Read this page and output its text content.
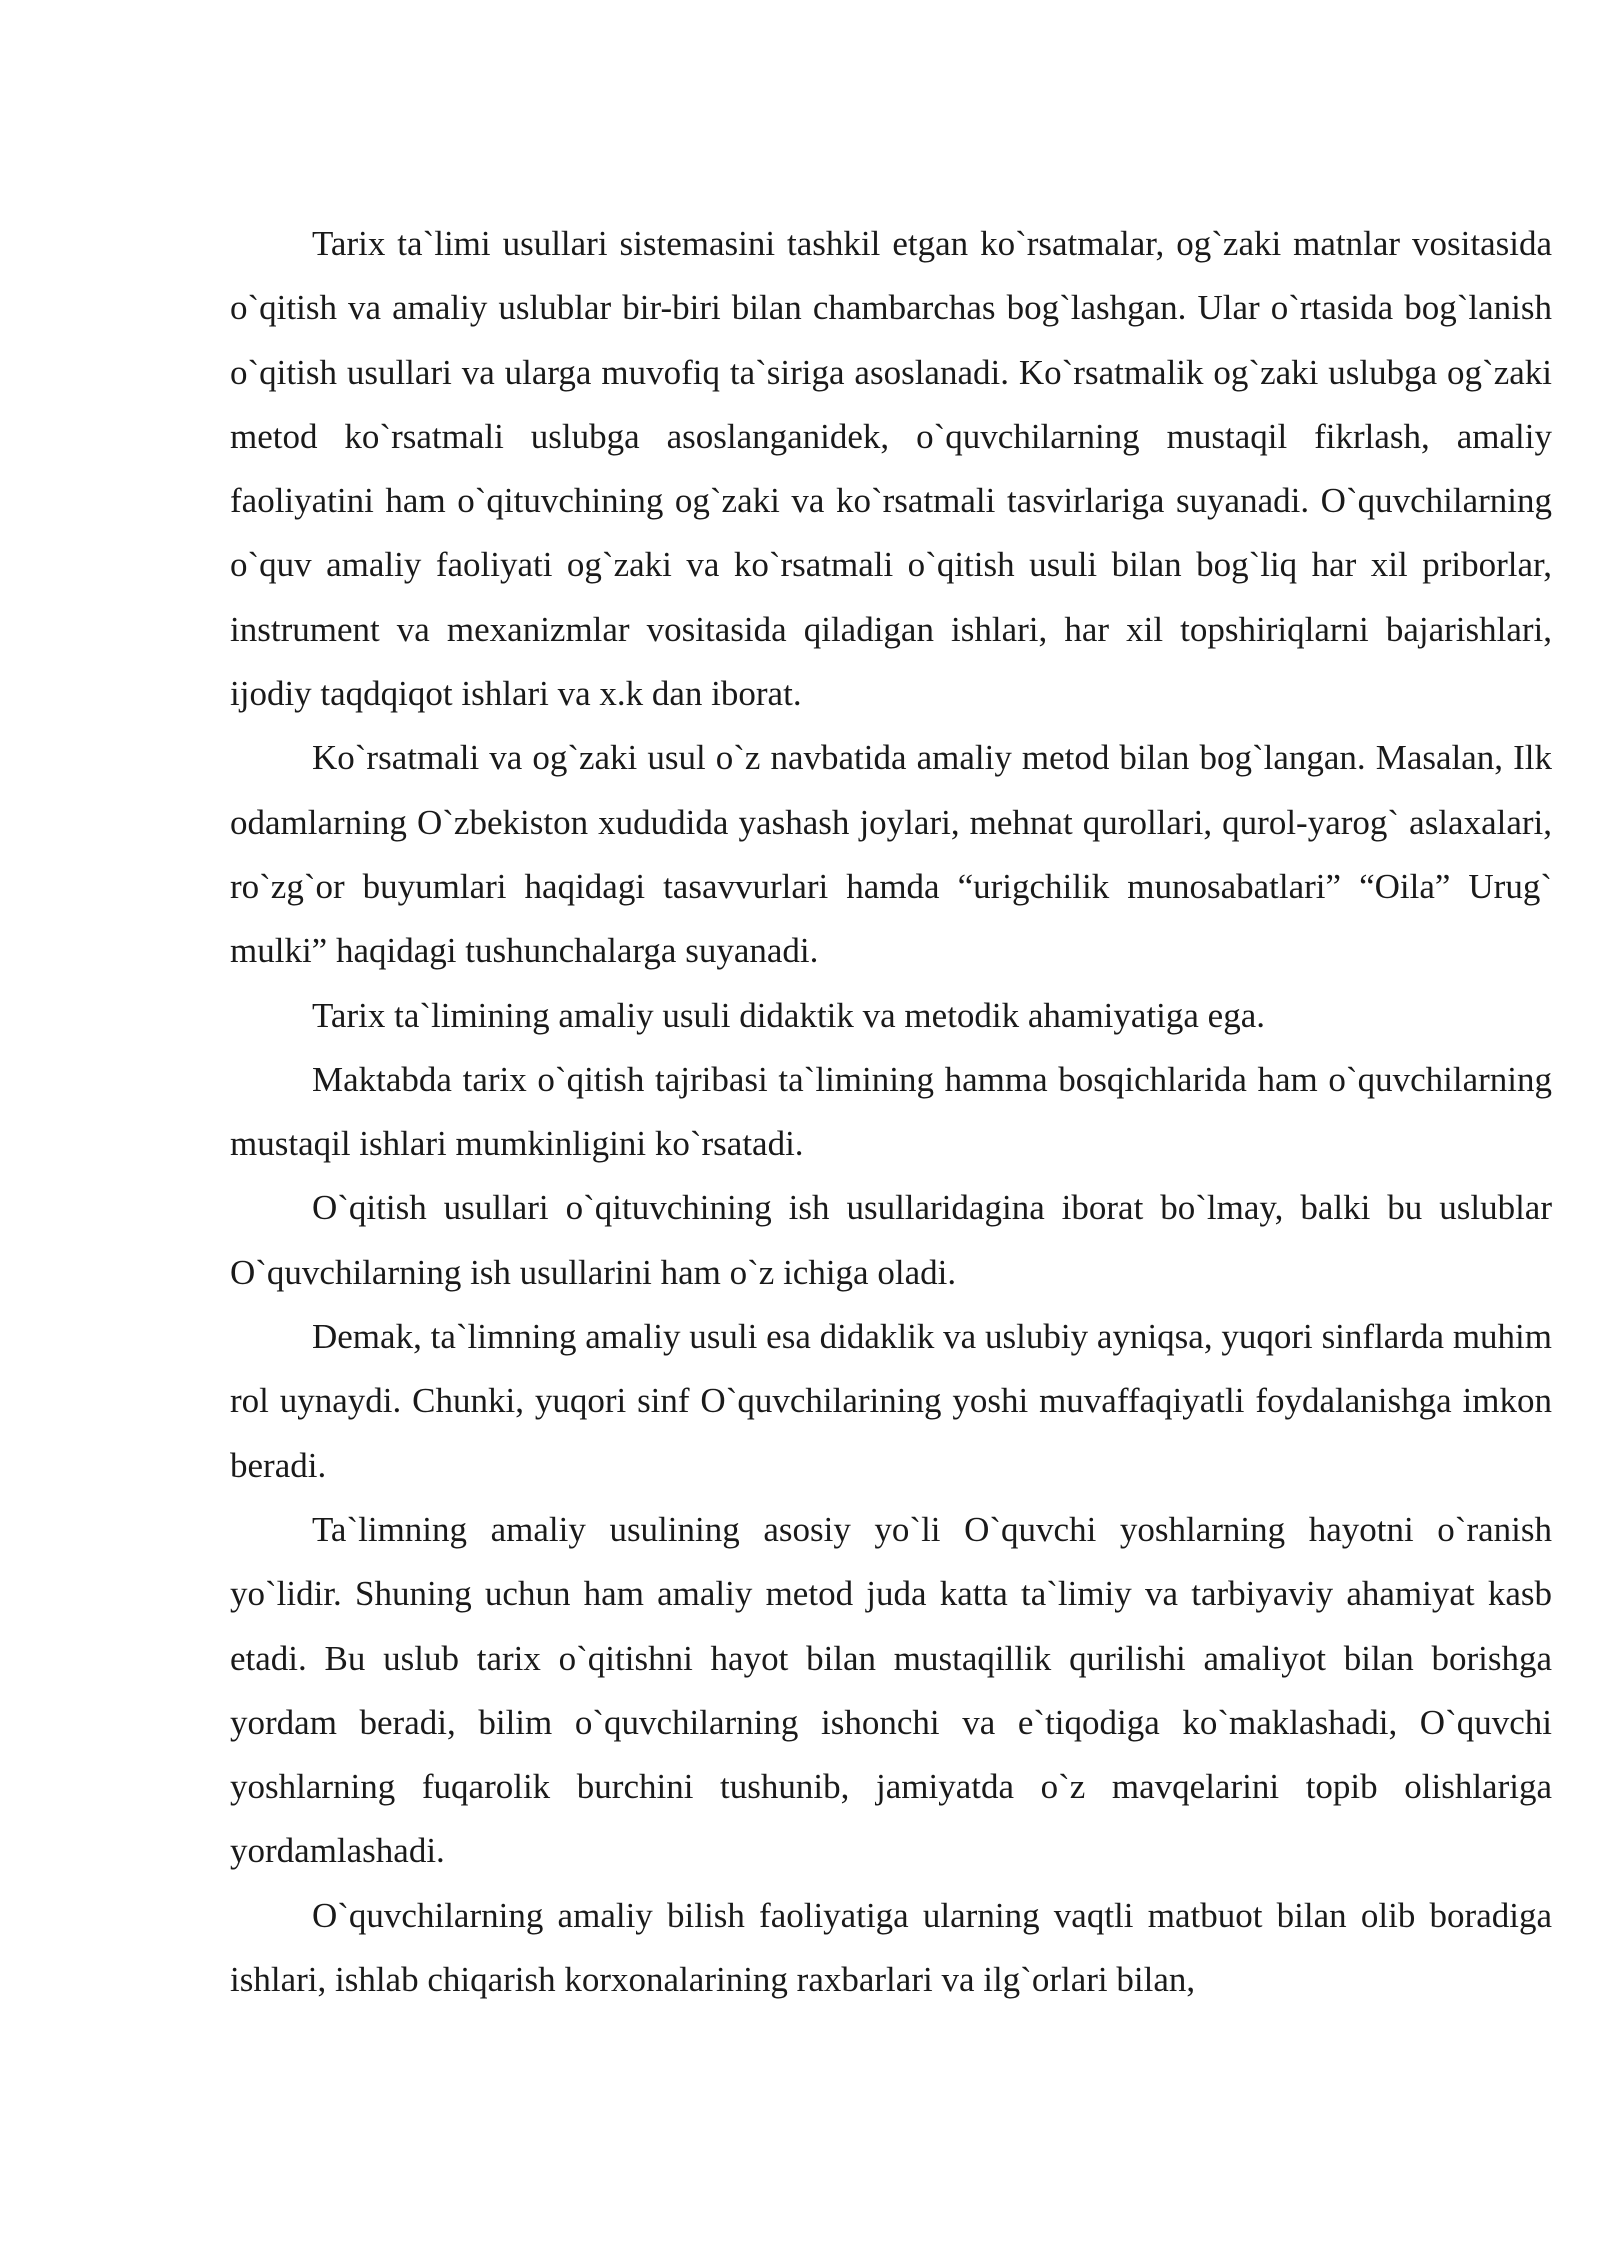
Tarix ta`limi usullari sistemasini tashkil etgan ko`rsatmalar, og`zaki matnlar vositasida o`qitish va amaliy uslublar bir-biri bilan chambarchas bog`lashgan. Ular o`rtasida bog`lanish o`qitish usullari va ularga muvofiq ta`siriga asoslanadi. Ko`rsatmalik og`zaki uslubga og`zaki metod ko`rsatmali uslubga asoslanganidek, o`quvchilarning mustaqil fikrlash, amaliy faoliyatini ham o`qituvchining og`zaki va ko`rsatmali tasvirlariga suyanadi. O`quvchilarning o`quv amaliy faoliyati og`zaki va ko`rsatmali o`qitish usuli bilan bog`liq har xil priborlar, instrument va mexanizmlar vositasida qiladigan ishlari, har xil topshiriqlarni bajarishlari, ijodiy taqdqiqot ishlari va x.k dan iborat.

Ko`rsatmali va og`zaki usul o`z navbatida amaliy metod bilan bog`langan. Masalan, Ilk odamlarning O`zbekiston xududida yashash joylari, mehnat qurollari, qurol-yarog` aslaxalari, ro`zg`or buyumlari haqidagi tasavvurlari hamda “urigchilik munosabatlari” “Oila” Urug` mulki” haqidagi tushunchalarga suyanadi.

Tarix ta`limining amaliy usuli didaktik va metodik ahamiyatiga ega.

Maktabda tarix o`qitish tajribasi ta`limining hamma bosqichlarida ham o`quvchilarning mustaqil ishlari mumkinligini ko`rsatadi.

O`qitish usullari o`qituvchining ish usullaridagina iborat bo`lmay, balki bu uslublar O`quvchilarning ish usullarini ham o`z ichiga oladi.

Demak, ta`limning amaliy usuli esa didaklik va uslubiy ayniqsa, yuqori sinflarda muhim rol uynaydi. Chunki, yuqori sinf O`quvchilarining yoshi muvaffaqiyatli foydalanishga imkon beradi.

Ta`limning amaliy usulining asosiy yo`li O`quvchi yoshlarning hayotni o`ranish yo`lidir. Shuning uchun ham amaliy metod juda katta ta`limiy va tarbiyaviy ahamiyat kasb etadi. Bu uslub tarix o`qitishni hayot bilan mustaqillik qurilishi amaliyot bilan borishga yordam beradi, bilim o`quvchilarning ishonchi va e`tiqodiga ko`maklashadi, O`quvchi yoshlarning fuqarolik burchini tushunib, jamiyatda o`z mavqelarini topib olishlariga yordamlashadi.

O`quvchilarning amaliy bilish faoliyatiga ularning vaqtli matbuot bilan olib boradiga ishlari, ishlab chiqarish korxonalarining raxbarlari va ilg`orlari bilan,
